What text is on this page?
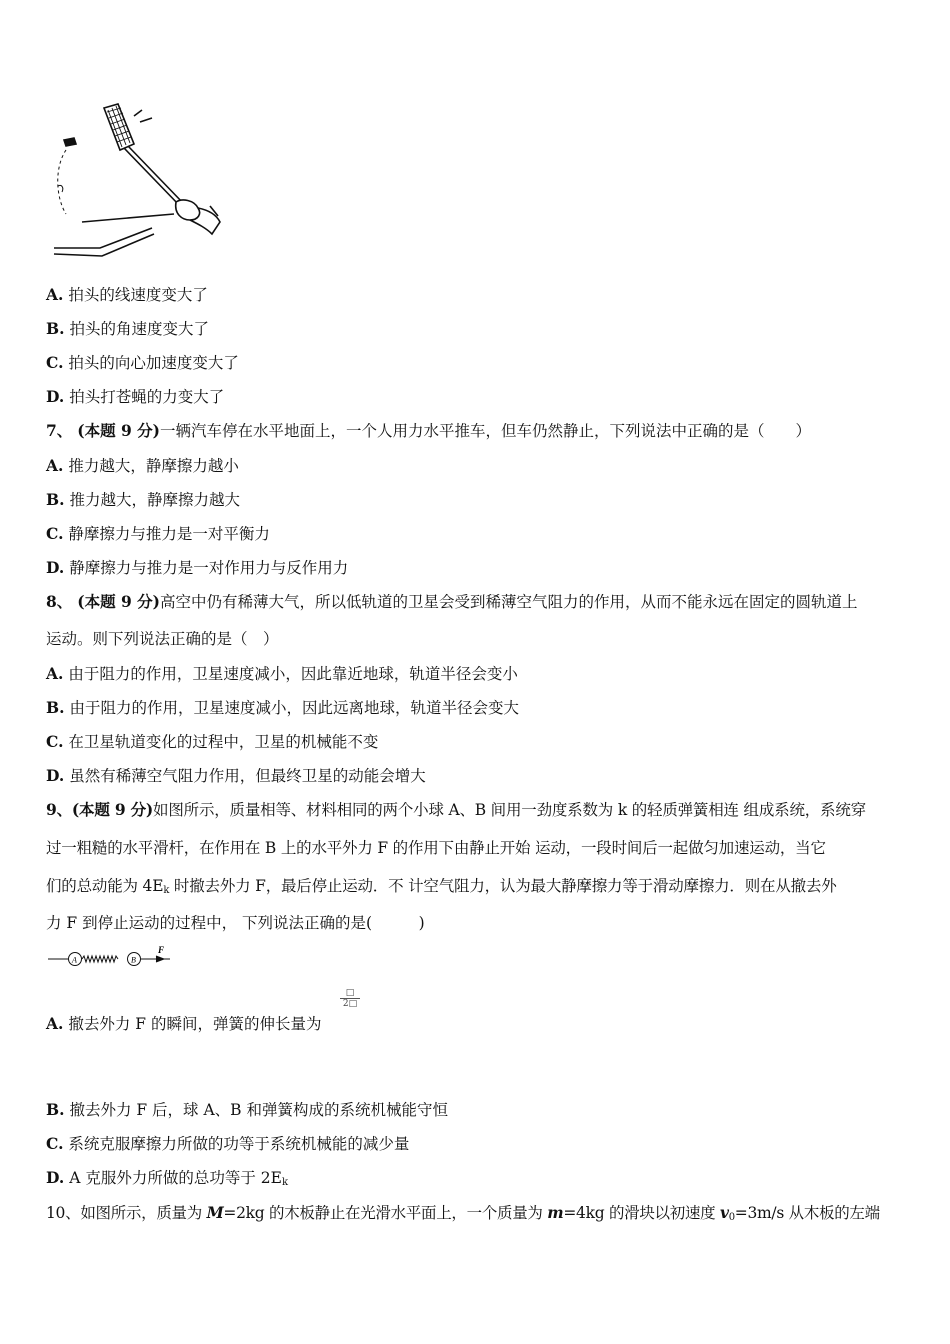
A. 拍头的线速度变大了
B. 拍头的角速度变大了
C. 拍头的向心加速度变大了
D. 拍头打苍蝇的力变大了
7、 (本题 9 分)一辆汽车停在水平地面上，一个人用力水平推车，但车仍然静止，下列说法中正确的是（　　）
A. 推力越大，静摩擦力越小
B. 推力越大，静摩擦力越大
C. 静摩擦力与推力是一对平衡力
D. 静摩擦力与推力是一对作用力与反作用力
8、 (本题 9 分)高空中仍有稀薄大气，所以低轨道的卫星会受到稀薄空气阻力的作用，从而不能永远在固定的圆轨道上
运动。则下列说法正确的是（　）
A. 由于阻力的作用，卫星速度减小，因此靠近地球，轨道半径会变小
B. 由于阻力的作用，卫星速度减小，因此远离地球，轨道半径会变大
C. 在卫星轨道变化的过程中，卫星的机械能不变
D. 虽然有稀薄空气阻力作用，但最终卫星的动能会增大
9、(本题 9 分)如图所示，质量相等、材料相同的两个小球 A、B 间用一劲度系数为 k 的轻质弹簧相连 组成系统，系统穿
过一粗糙的水平滑杆，在作用在 B 上的水平外力 F 的作用下由静止开始 运动，一段时间后一起做匀加速运动，当它
们的总动能为 $4E_k$ 时撤去外力 F，最后停止运动．不 计空气阻力，认为最大静摩擦力等于滑动摩擦力．则在从撤去外
力 F 到停止运动的过程中， 下列说法正确的是(　　　)
A	B
F
A. 撤去外力 F 的瞬间，弹簧的伸长量为
□
2□
B. 撤去外力 F 后，球 A、B 和弹簧构成的系统机械能守恒
C. 系统克服摩擦力所做的功等于系统机械能的减少量
D. A 克服外力所做的总功等于 $2E_k$
10、如图所示，质量为 M=2kg 的木板静止在光滑水平面上，一个质量为 m=4kg 的滑块以初速度 $v_0=3m/s$ 从木板的左端
